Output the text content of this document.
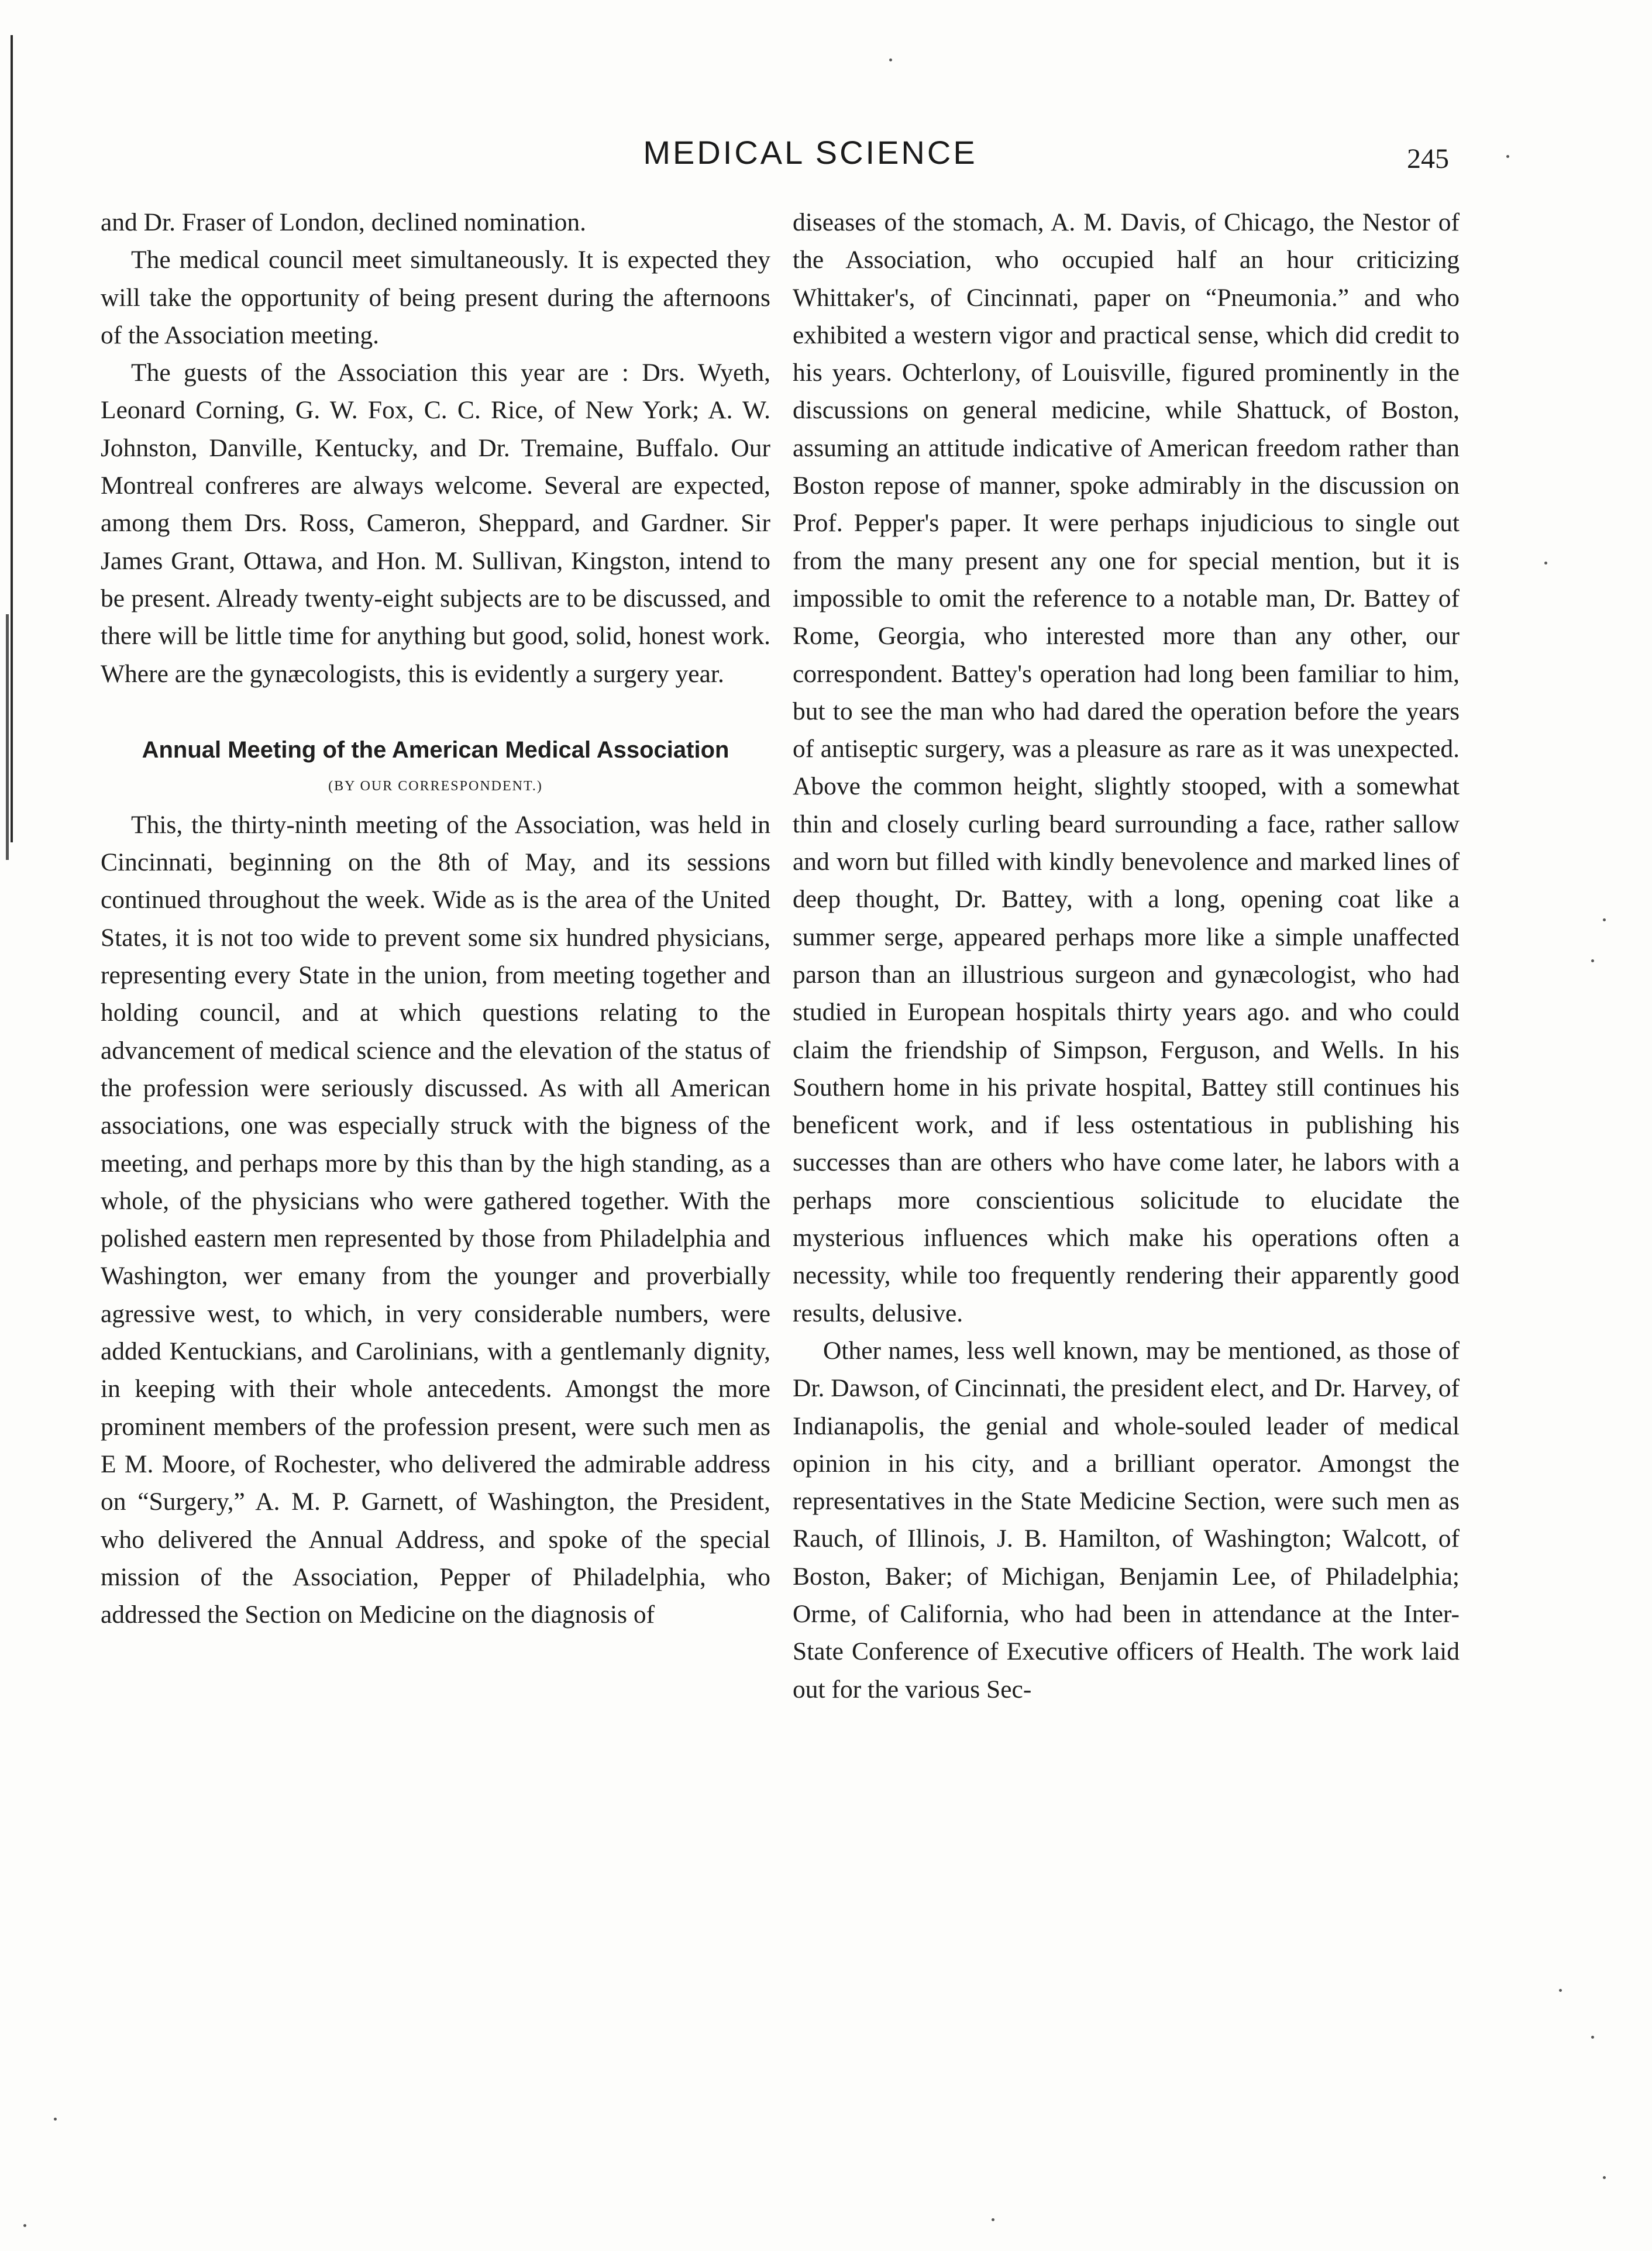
MEDICAL SCIENCE	245

and Dr. Fraser of London, declined nomination.

The medical council meet simultaneously. It is expected they will take the opportunity of being present during the afternoons of the Association meeting.

The guests of the Association this year are : Drs. Wyeth, Leonard Corning, G. W. Fox, C. C. Rice, of New York; A. W. Johnston, Danville, Kentucky, and Dr. Tremaine, Buffalo. Our Montreal confreres are always welcome. Several are expected, among them Drs. Ross, Cameron, Sheppard, and Gardner. Sir James Grant, Ottawa, and Hon. M. Sullivan, Kingston, intend to be present. Already twenty-eight subjects are to be discussed, and there will be little time for anything but good, solid, honest work. Where are the gynæcologists, this is evidently a surgery year.

Annual Meeting of the American Medical Association
(BY OUR CORRESPONDENT.)

This, the thirty-ninth meeting of the Association, was held in Cincinnati, beginning on the 8th of May, and its sessions continued throughout the week. Wide as is the area of the United States, it is not too wide to prevent some six hundred physicians, representing every State in the union, from meeting together and holding council, and at which questions relating to the advancement of medical science and the elevation of the status of the profession were seriously discussed. As with all American associations, one was especially struck with the bigness of the meeting, and perhaps more by this than by the high standing, as a whole, of the physicians who were gathered together. With the polished eastern men represented by those from Philadelphia and Washington, wer emany from the younger and proverbially agressive west, to which, in very considerable numbers, were added Kentuckians, and Carolinians, with a gentlemanly dignity, in keeping with their whole antecedents. Amongst the more prominent members of the profession present, were such men as E M. Moore, of Rochester, who delivered the admirable address on “Surgery,” A. M. P. Garnett, of Washington, the President, who delivered the Annual Address, and spoke of the special mission of the Association, Pepper of Philadelphia, who addressed the Section on Medicine on the diagnosis of

diseases of the stomach, A. M. Davis, of Chicago, the Nestor of the Association, who occupied half an hour criticizing Whittaker's, of Cincinnati, paper on “Pneumonia.” and who exhibited a western vigor and practical sense, which did credit to his years. Ochterlony, of Louisville, figured prominently in the discussions on general medicine, while Shattuck, of Boston, assuming an attitude indicative of American freedom rather than Boston repose of manner, spoke admirably in the discussion on Prof. Pepper's paper. It were perhaps injudicious to single out from the many present any one for special mention, but it is impossible to omit the reference to a notable man, Dr. Battey of Rome, Georgia, who interested more than any other, our correspondent. Battey's operation had long been familiar to him, but to see the man who had dared the operation before the years of antiseptic surgery, was a pleasure as rare as it was unexpected. Above the common height, slightly stooped, with a somewhat thin and closely curling beard surrounding a face, rather sallow and worn but filled with kindly benevolence and marked lines of deep thought, Dr. Battey, with a long, opening coat like a summer serge, appeared perhaps more like a simple unaffected parson than an illustrious surgeon and gynæcologist, who had studied in European hospitals thirty years ago. and who could claim the friendship of Simpson, Ferguson, and Wells. In his Southern home in his private hospital, Battey still continues his beneficent work, and if less ostentatious in publishing his successes than are others who have come later, he labors with a perhaps more conscientious solicitude to elucidate the mysterious influences which make his operations often a necessity, while too frequently rendering their apparently good results, delusive.

Other names, less well known, may be mentioned, as those of Dr. Dawson, of Cincinnati, the president elect, and Dr. Harvey, of Indianapolis, the genial and whole-souled leader of medical opinion in his city, and a brilliant operator. Amongst the representatives in the State Medicine Section, were such men as Rauch, of Illinois, J. B. Hamilton, of Washington; Walcott, of Boston, Baker; of Michigan, Benjamin Lee, of Philadelphia; Orme, of California, who had been in attendance at the Inter-State Conference of Executive officers of Health. The work laid out for the various Sec-
